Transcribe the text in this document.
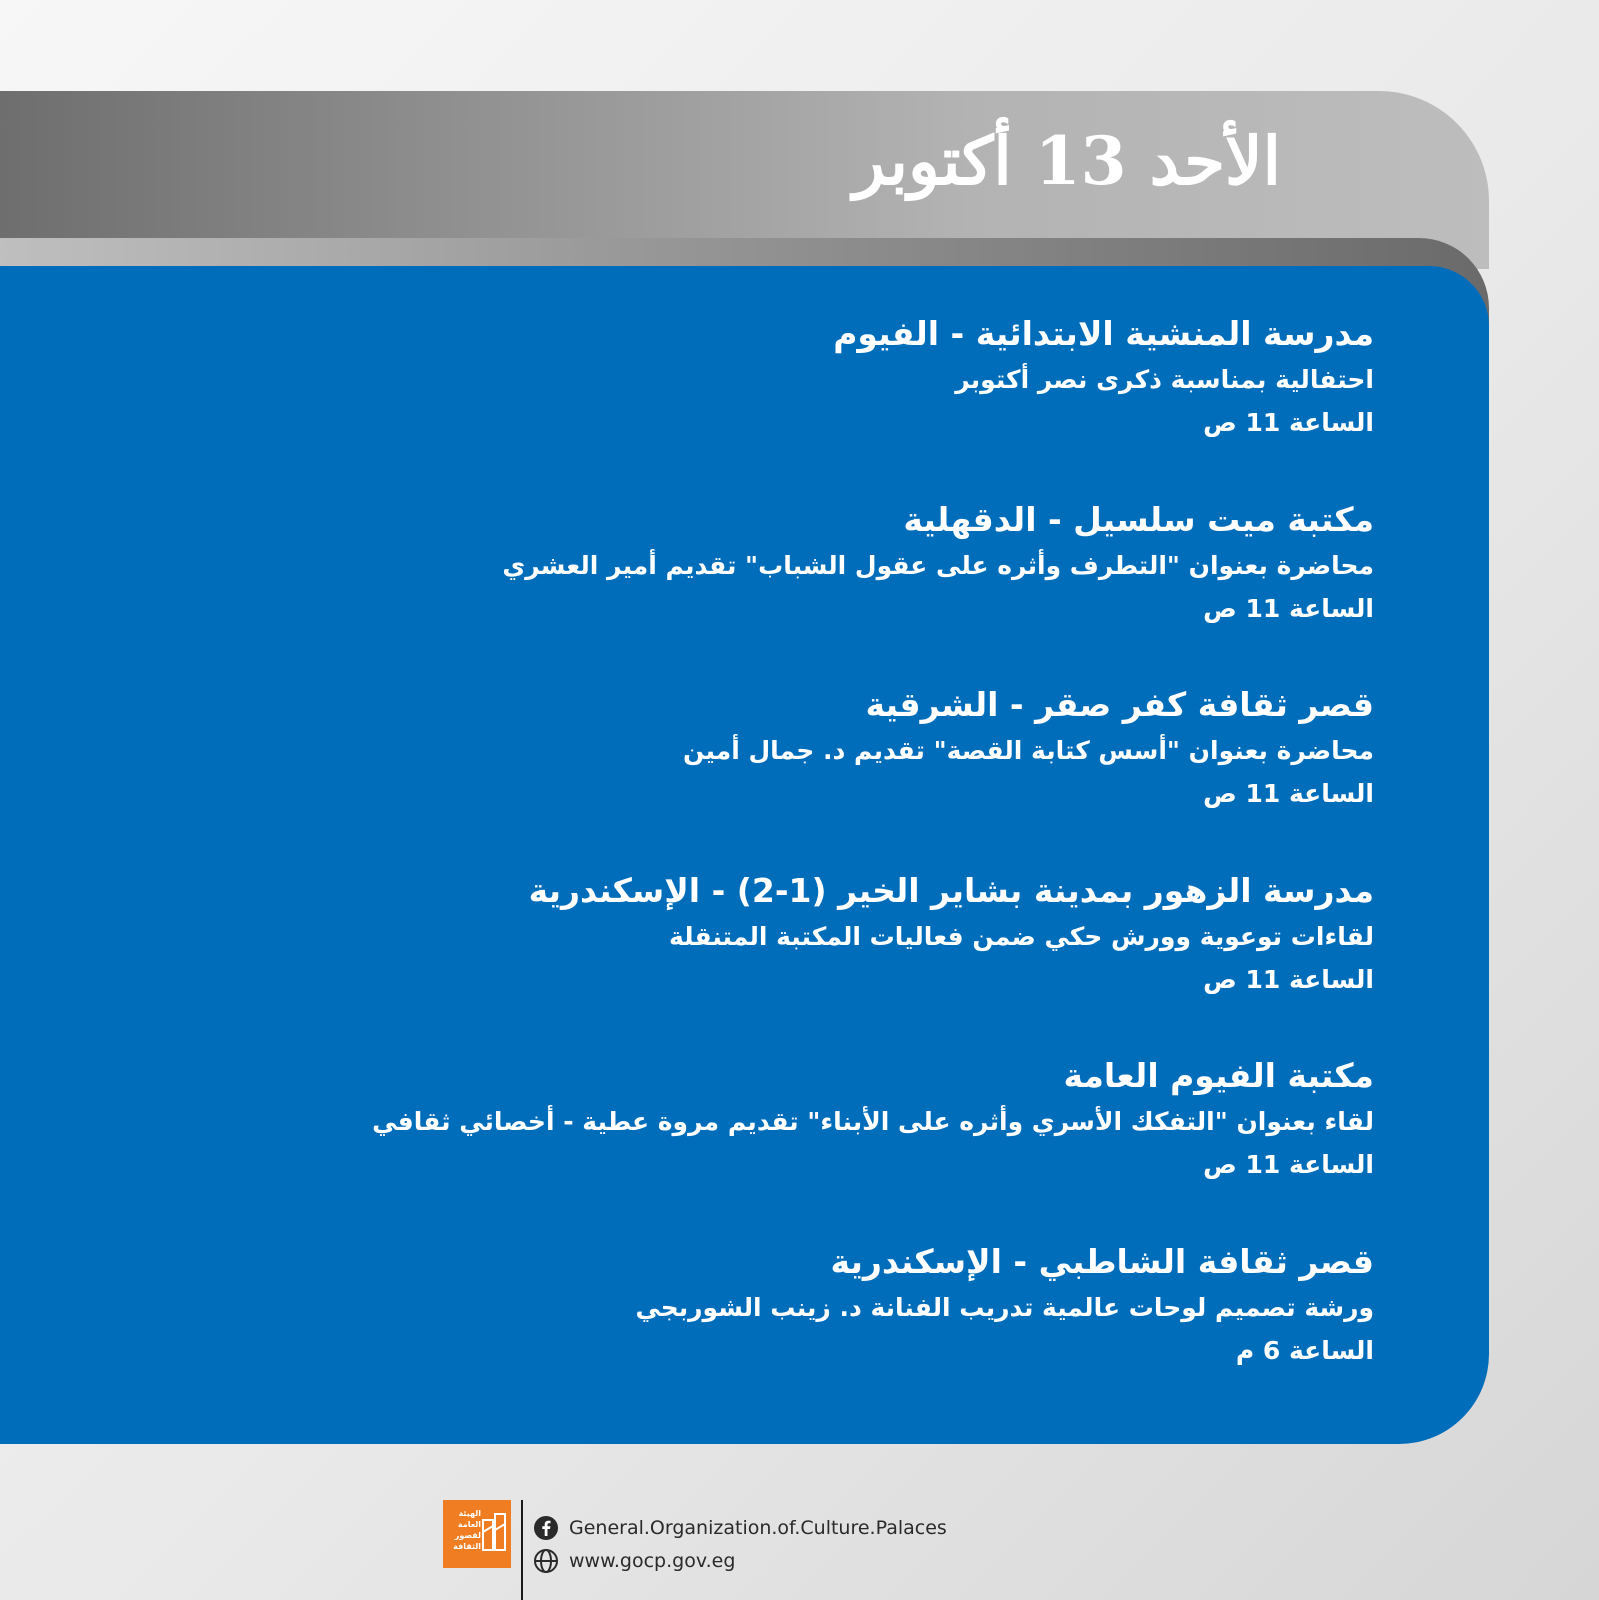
الأحد 13 أكتوبر

مدرسة المنشية الابتدائية - الفيوم

احتفالية بمناسبة ذكرى نصر أكتوبر

الساعة 11 ص

مكتبة ميت سلسيل - الدقهلية

محاضرة بعنوان "التطرف وأثره على عقول الشباب" تقديم أمير العشري

الساعة 11 ص

قصر ثقافة كفر صقر - الشرقية

محاضرة بعنوان "أسس كتابة القصة" تقديم د. جمال أمين

الساعة 11 ص

مدرسة الزهور بمدينة بشاير الخير (1-2) - الإسكندرية

لقاءات توعوية وورش حكي ضمن فعاليات المكتبة المتنقلة

الساعة 11 ص

مكتبة الفيوم العامة

لقاء بعنوان "التفكك الأسري وأثره على الأبناء" تقديم مروة عطية - أخصائي ثقافي

الساعة 11 ص

قصر ثقافة الشاطبي - الإسكندرية

ورشة تصميم لوحات عالمية تدريب الفنانة د. زينب الشوربجي

الساعة 6 م

الهيئة
العامة
لقصور
الثقافة
General.Organization.of.Culture.Palaces
www.gocp.gov.eg
